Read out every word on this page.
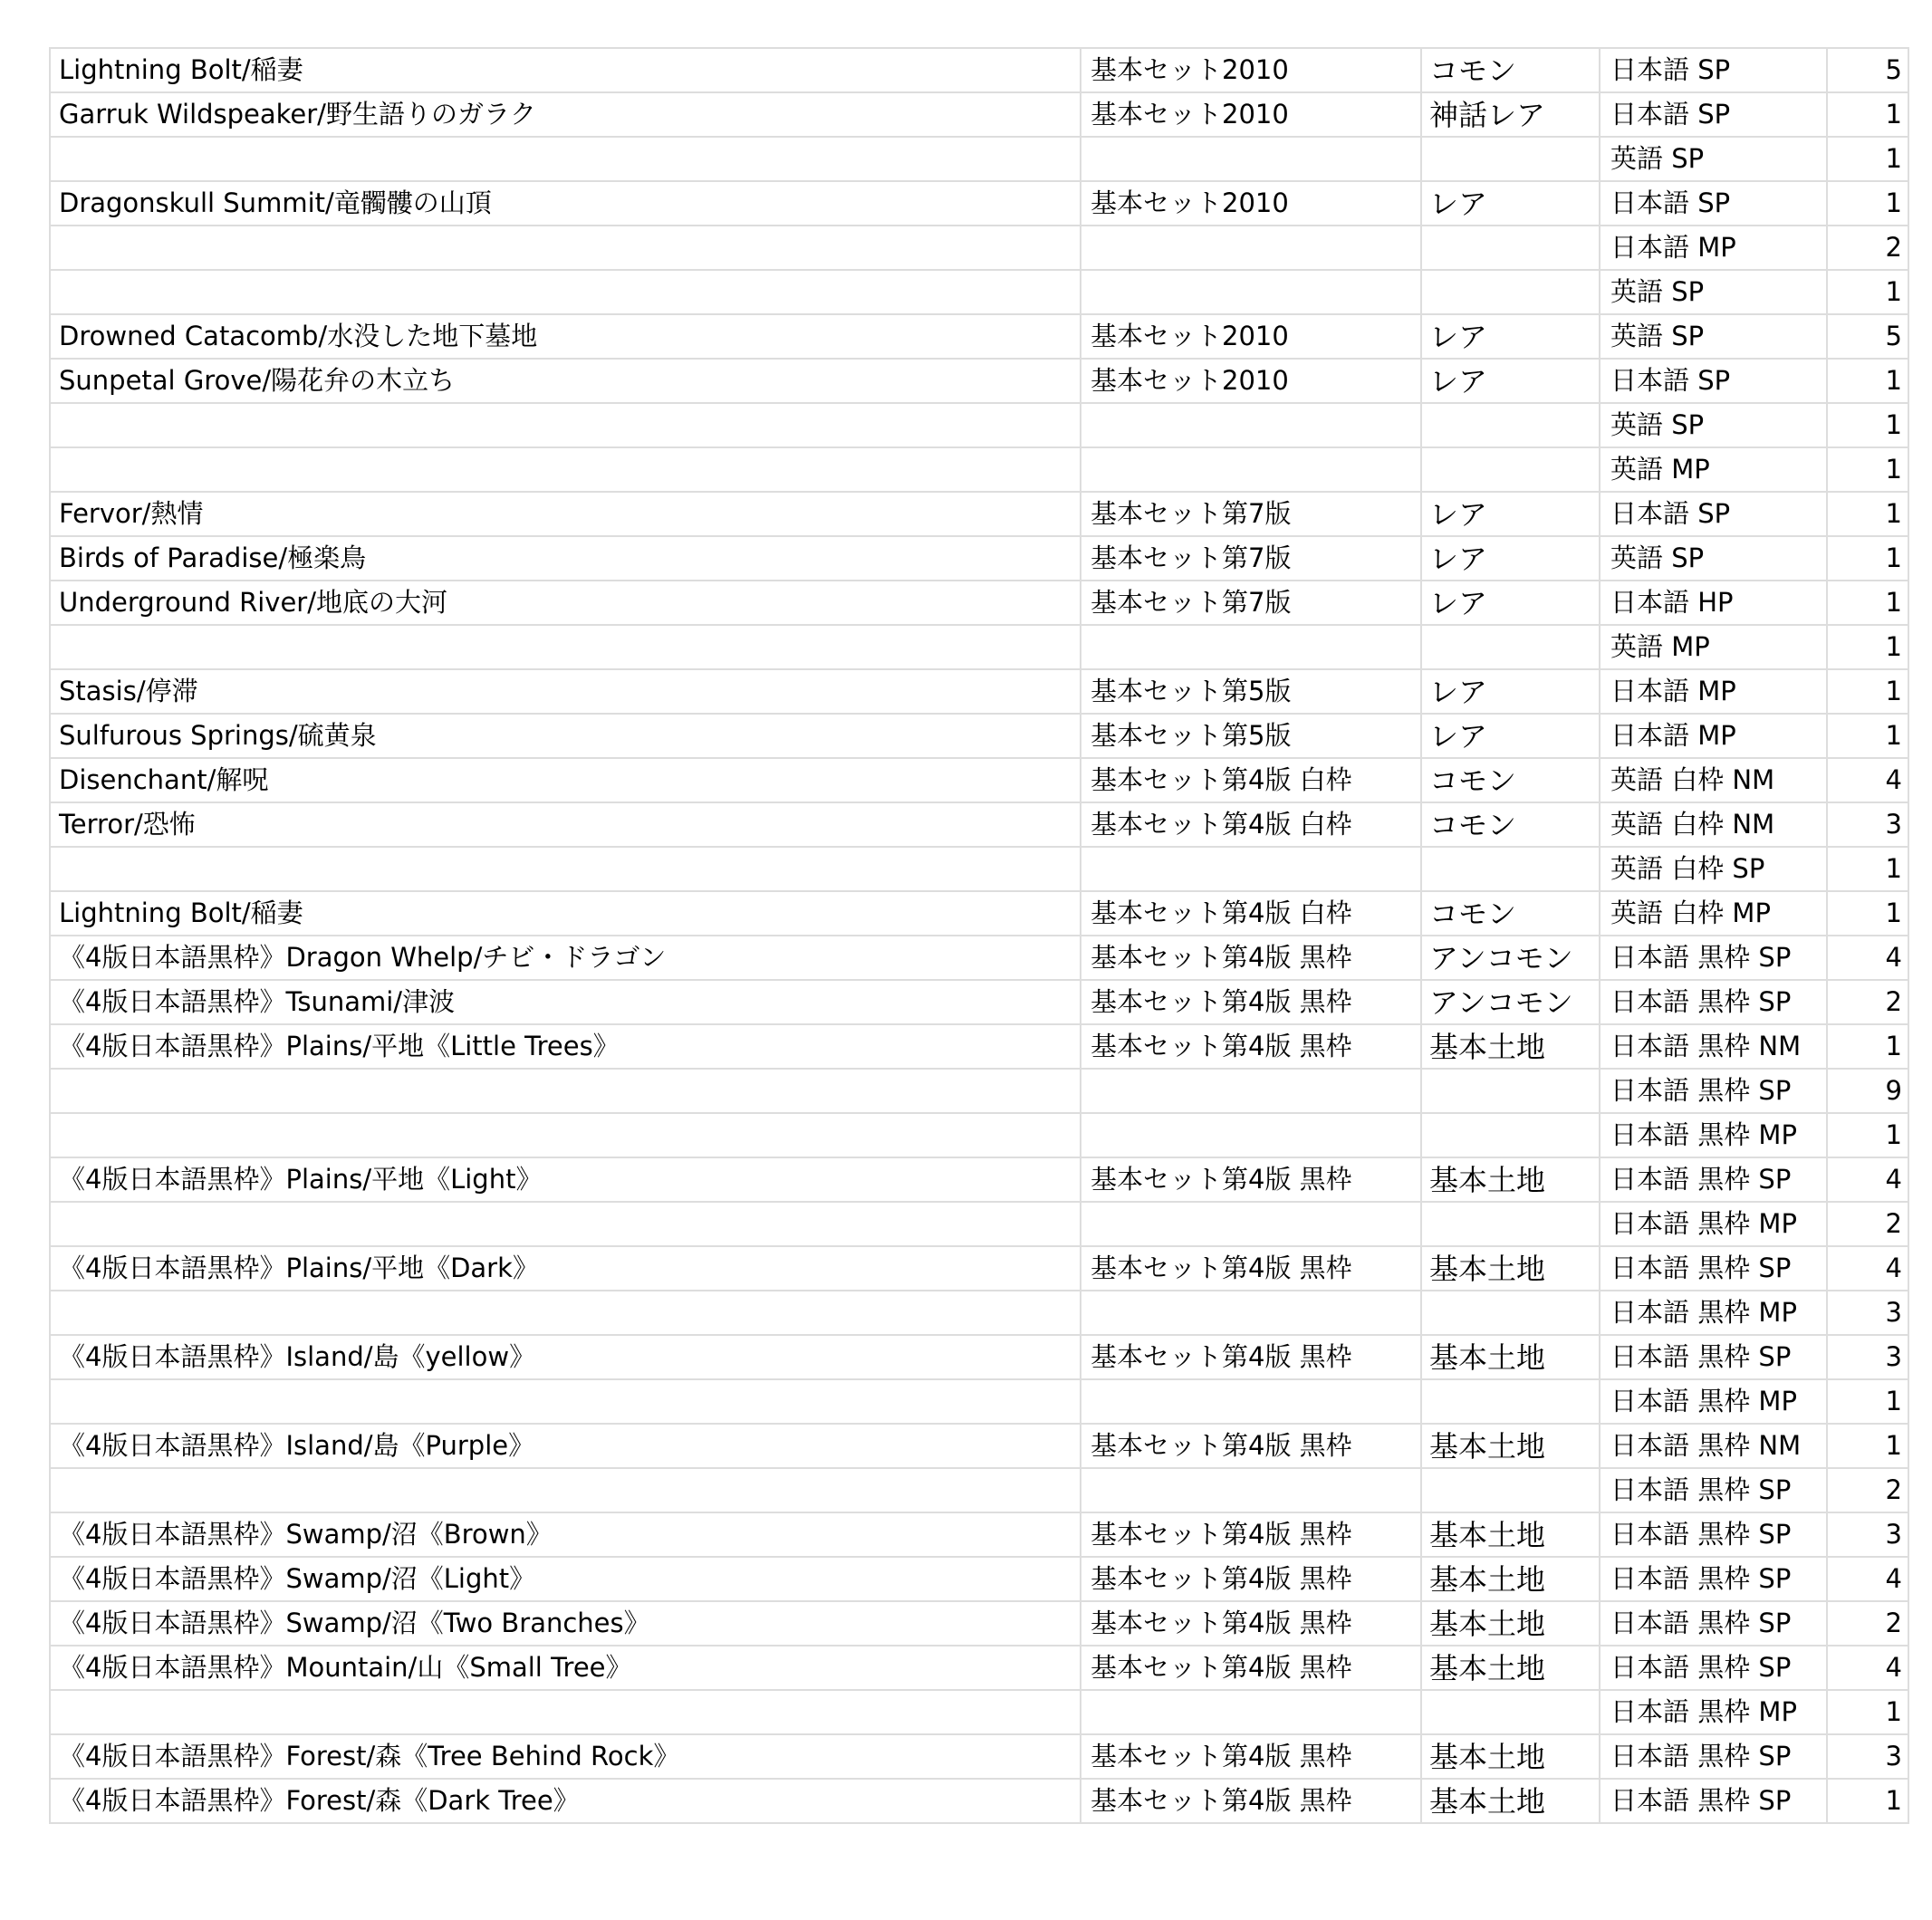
Lightning Bolt/稲妻	基本セット2010	コモン	日本語 SP	5
Garruk Wildspeaker/野生語りのガラク	基本セット2010	神話レア	日本語 SP	1
			英語 SP	1
Dragonskull Summit/竜髑髏の山頂	基本セット2010	レア	日本語 SP	1
			日本語 MP	2
			英語 SP	1
Drowned Catacomb/水没した地下墓地	基本セット2010	レア	英語 SP	5
Sunpetal Grove/陽花弁の木立ち	基本セット2010	レア	日本語 SP	1
			英語 SP	1
			英語 MP	1
Fervor/熱情	基本セット第7版	レア	日本語 SP	1
Birds of Paradise/極楽鳥	基本セット第7版	レア	英語 SP	1
Underground River/地底の大河	基本セット第7版	レア	日本語 HP	1
			英語 MP	1
Stasis/停滞	基本セット第5版	レア	日本語 MP	1
Sulfurous Springs/硫黄泉	基本セット第5版	レア	日本語 MP	1
Disenchant/解呪	基本セット第4版 白枠	コモン	英語 白枠 NM	4
Terror/恐怖	基本セット第4版 白枠	コモン	英語 白枠 NM	3
			英語 白枠 SP	1
Lightning Bolt/稲妻	基本セット第4版 白枠	コモン	英語 白枠 MP	1
《4版日本語黒枠》Dragon Whelp/チビ・ドラゴン	基本セット第4版 黒枠	アンコモン	日本語 黒枠 SP	4
《4版日本語黒枠》Tsunami/津波	基本セット第4版 黒枠	アンコモン	日本語 黒枠 SP	2
《4版日本語黒枠》Plains/平地《Little Trees》	基本セット第4版 黒枠	基本土地	日本語 黒枠 NM	1
			日本語 黒枠 SP	9
			日本語 黒枠 MP	1
《4版日本語黒枠》Plains/平地《Light》	基本セット第4版 黒枠	基本土地	日本語 黒枠 SP	4
			日本語 黒枠 MP	2
《4版日本語黒枠》Plains/平地《Dark》	基本セット第4版 黒枠	基本土地	日本語 黒枠 SP	4
			日本語 黒枠 MP	3
《4版日本語黒枠》Island/島《yellow》	基本セット第4版 黒枠	基本土地	日本語 黒枠 SP	3
			日本語 黒枠 MP	1
《4版日本語黒枠》Island/島《Purple》	基本セット第4版 黒枠	基本土地	日本語 黒枠 NM	1
			日本語 黒枠 SP	2
《4版日本語黒枠》Swamp/沼《Brown》	基本セット第4版 黒枠	基本土地	日本語 黒枠 SP	3
《4版日本語黒枠》Swamp/沼《Light》	基本セット第4版 黒枠	基本土地	日本語 黒枠 SP	4
《4版日本語黒枠》Swamp/沼《Two Branches》	基本セット第4版 黒枠	基本土地	日本語 黒枠 SP	2
《4版日本語黒枠》Mountain/山《Small Tree》	基本セット第4版 黒枠	基本土地	日本語 黒枠 SP	4
			日本語 黒枠 MP	1
《4版日本語黒枠》Forest/森《Tree Behind Rock》	基本セット第4版 黒枠	基本土地	日本語 黒枠 SP	3
《4版日本語黒枠》Forest/森《Dark Tree》	基本セット第4版 黒枠	基本土地	日本語 黒枠 SP	1
